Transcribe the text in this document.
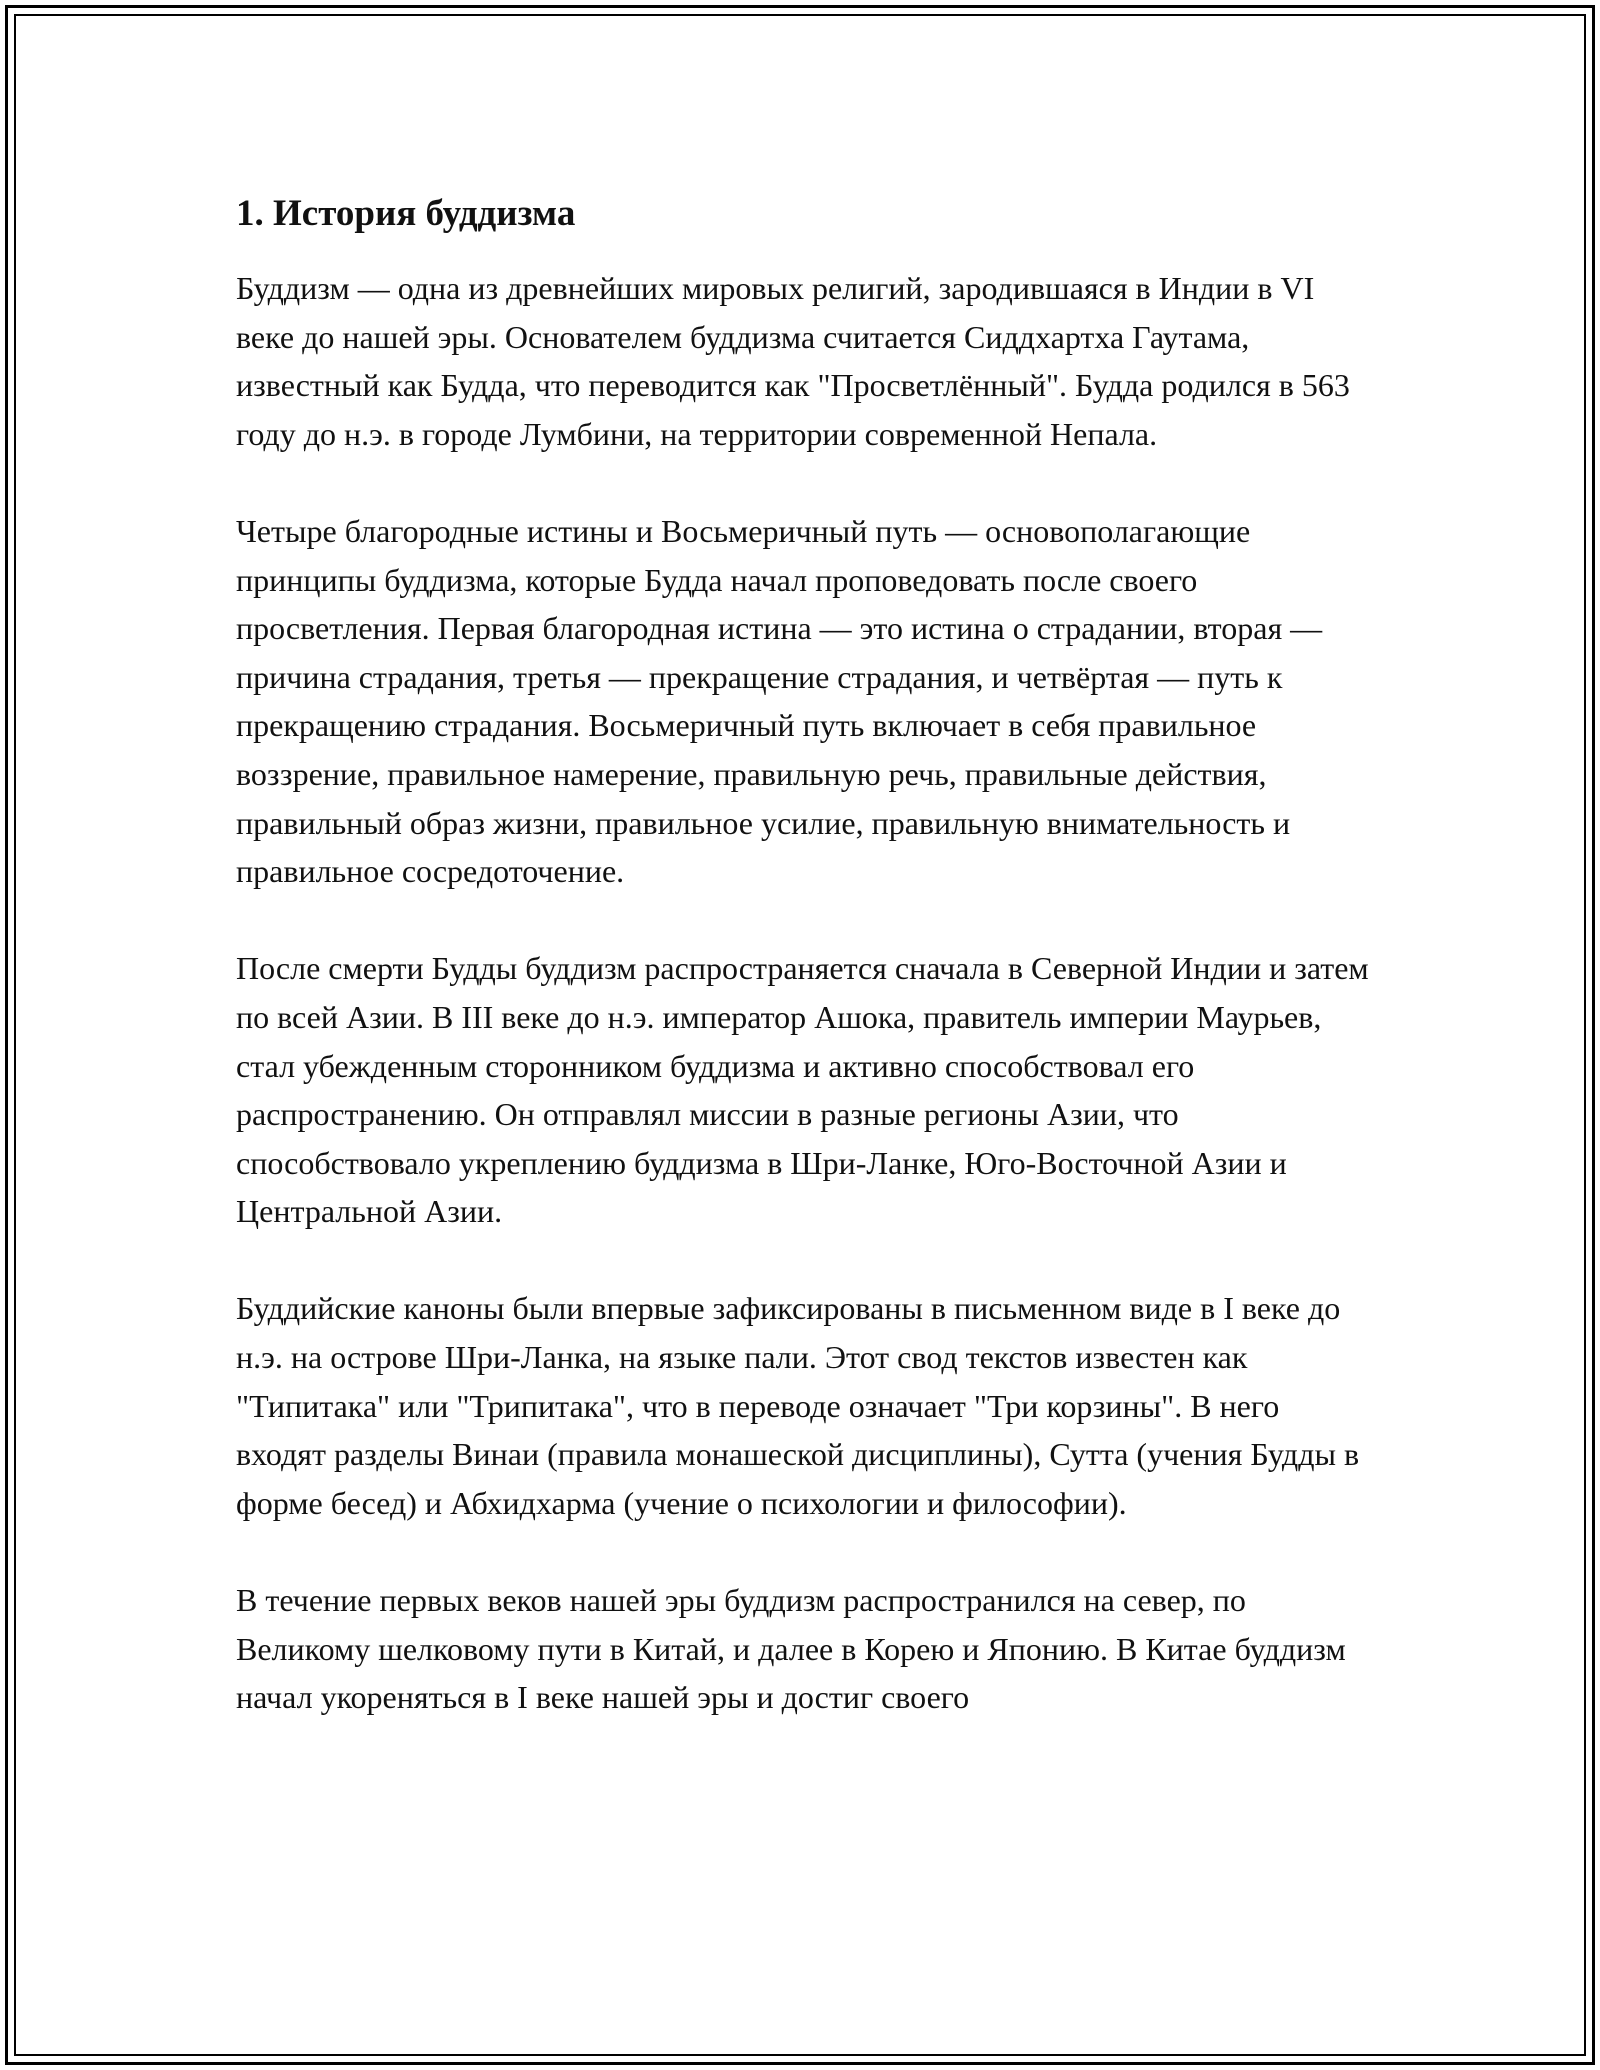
1. История буддизма

Буддизм — одна из древнейших мировых религий, зародившаяся в Индии в VI веке до нашей эры. Основателем буддизма считается Сиддхартха Гаутама, известный как Будда, что переводится как "Просветлённый". Будда родился в 563 году до н.э. в городе Лумбини, на территории современной Непала.

Четыре благородные истины и Восьмеричный путь — основополагающие принципы буддизма, которые Будда начал проповедовать после своего просветления. Первая благородная истина — это истина о страдании, вторая — причина страдания, третья — прекращение страдания, и четвёртая — путь к прекращению страдания. Восьмеричный путь включает в себя правильное воззрение, правильное намерение, правильную речь, правильные действия, правильный образ жизни, правильное усилие, правильную внимательность и правильное сосредоточение.

После смерти Будды буддизм распространяется сначала в Северной Индии и затем по всей Азии. В III веке до н.э. император Ашока, правитель империи Маурьев, стал убежденным сторонником буддизма и активно способствовал его распространению. Он отправлял миссии в разные регионы Азии, что способствовало укреплению буддизма в Шри-Ланке, Юго-Восточной Азии и Центральной Азии.

Буддийские каноны были впервые зафиксированы в письменном виде в I веке до н.э. на острове Шри-Ланка, на языке пали. Этот свод текстов известен как "Типитака" или "Трипитака", что в переводе означает "Три корзины". В него входят разделы Винаи (правила монашеской дисциплины), Сутта (учения Будды в форме бесед) и Абхидхарма (учение о психологии и философии).

В течение первых веков нашей эры буддизм распространился на север, по Великому шелковому пути в Китай, и далее в Корею и Японию. В Китае буддизм начал укореняться в I веке нашей эры и достиг своего
